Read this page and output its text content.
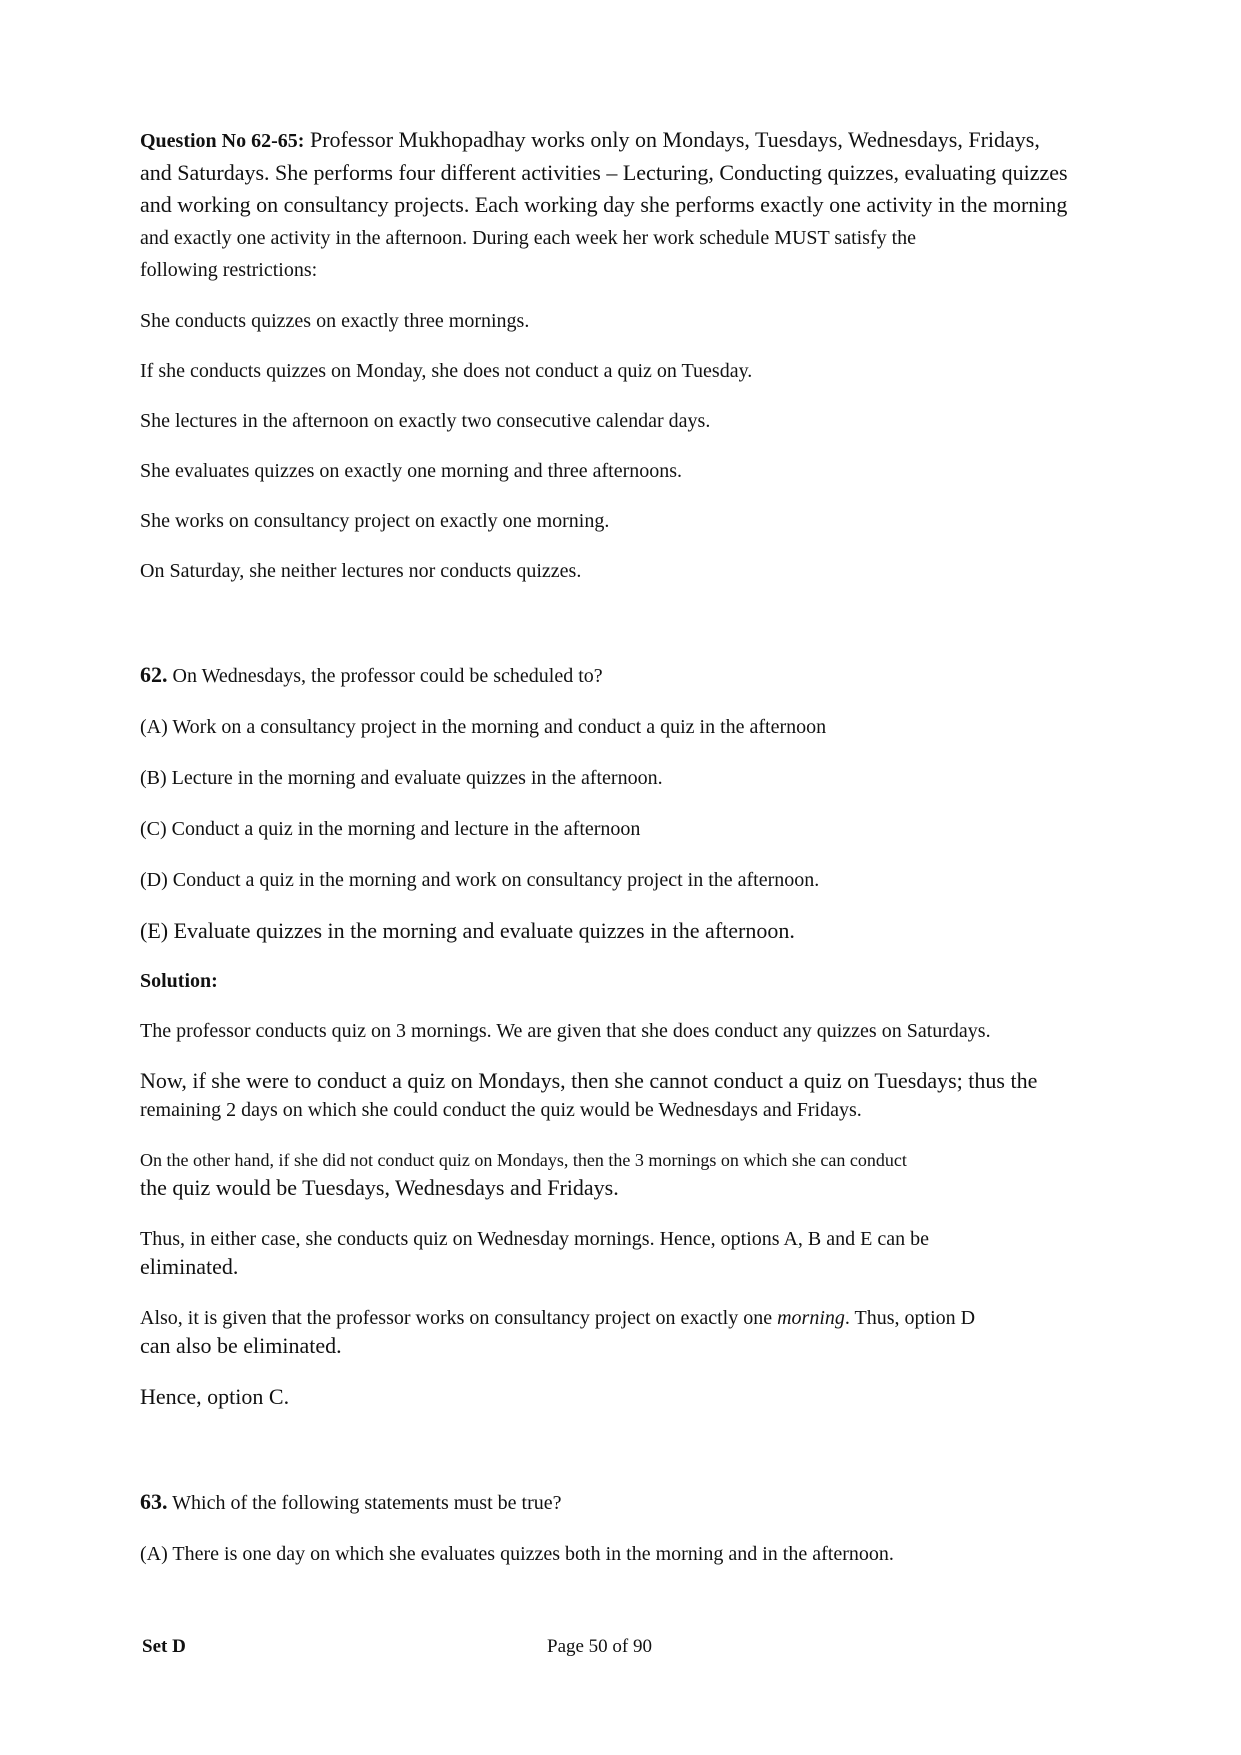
Question No 62-65: Professor Mukhopadhay works only on Mondays, Tuesdays, Wednesdays, Fridays,
and Saturdays. She performs four different activities – Lecturing, Conducting quizzes, evaluating quizzes
and working on consultancy projects. Each working day she performs exactly one activity in the morning
and exactly one activity in the afternoon. During each week her work schedule MUST satisfy the
following restrictions:

She conducts quizzes on exactly three mornings.

If she conducts quizzes on Monday, she does not conduct a quiz on Tuesday.

She lectures in the afternoon on exactly two consecutive calendar days.

She evaluates quizzes on exactly one morning and three afternoons.

She works on consultancy project on exactly one morning.

On Saturday, she neither lectures nor conducts quizzes.

62. On Wednesdays, the professor could be scheduled to?

(A) Work on a consultancy project in the morning and conduct a quiz in the afternoon

(B) Lecture in the morning and evaluate quizzes in the afternoon.

(C) Conduct a quiz in the morning and lecture in the afternoon

(D) Conduct a quiz in the morning and work on consultancy project in the afternoon.

(E) Evaluate quizzes in the morning and evaluate quizzes in the afternoon.

Solution:

The professor conducts quiz on 3 mornings. We are given that she does conduct any quizzes on Saturdays.

Now, if she were to conduct a quiz on Mondays, then she cannot conduct a quiz on Tuesdays; thus the
remaining 2 days on which she could conduct the quiz would be Wednesdays and Fridays.

On the other hand, if she did not conduct quiz on Mondays, then the 3 mornings on which she can conduct
the quiz would be Tuesdays, Wednesdays and Fridays.

Thus, in either case, she conducts quiz on Wednesday mornings. Hence, options A, B and E can be
eliminated.

Also, it is given that the professor works on consultancy project on exactly one morning. Thus, option D
can also be eliminated.

Hence, option C.

63. Which of the following statements must be true?

(A) There is one day on which she evaluates quizzes both in the morning and in the afternoon.

Set D	Page 50 of 90
